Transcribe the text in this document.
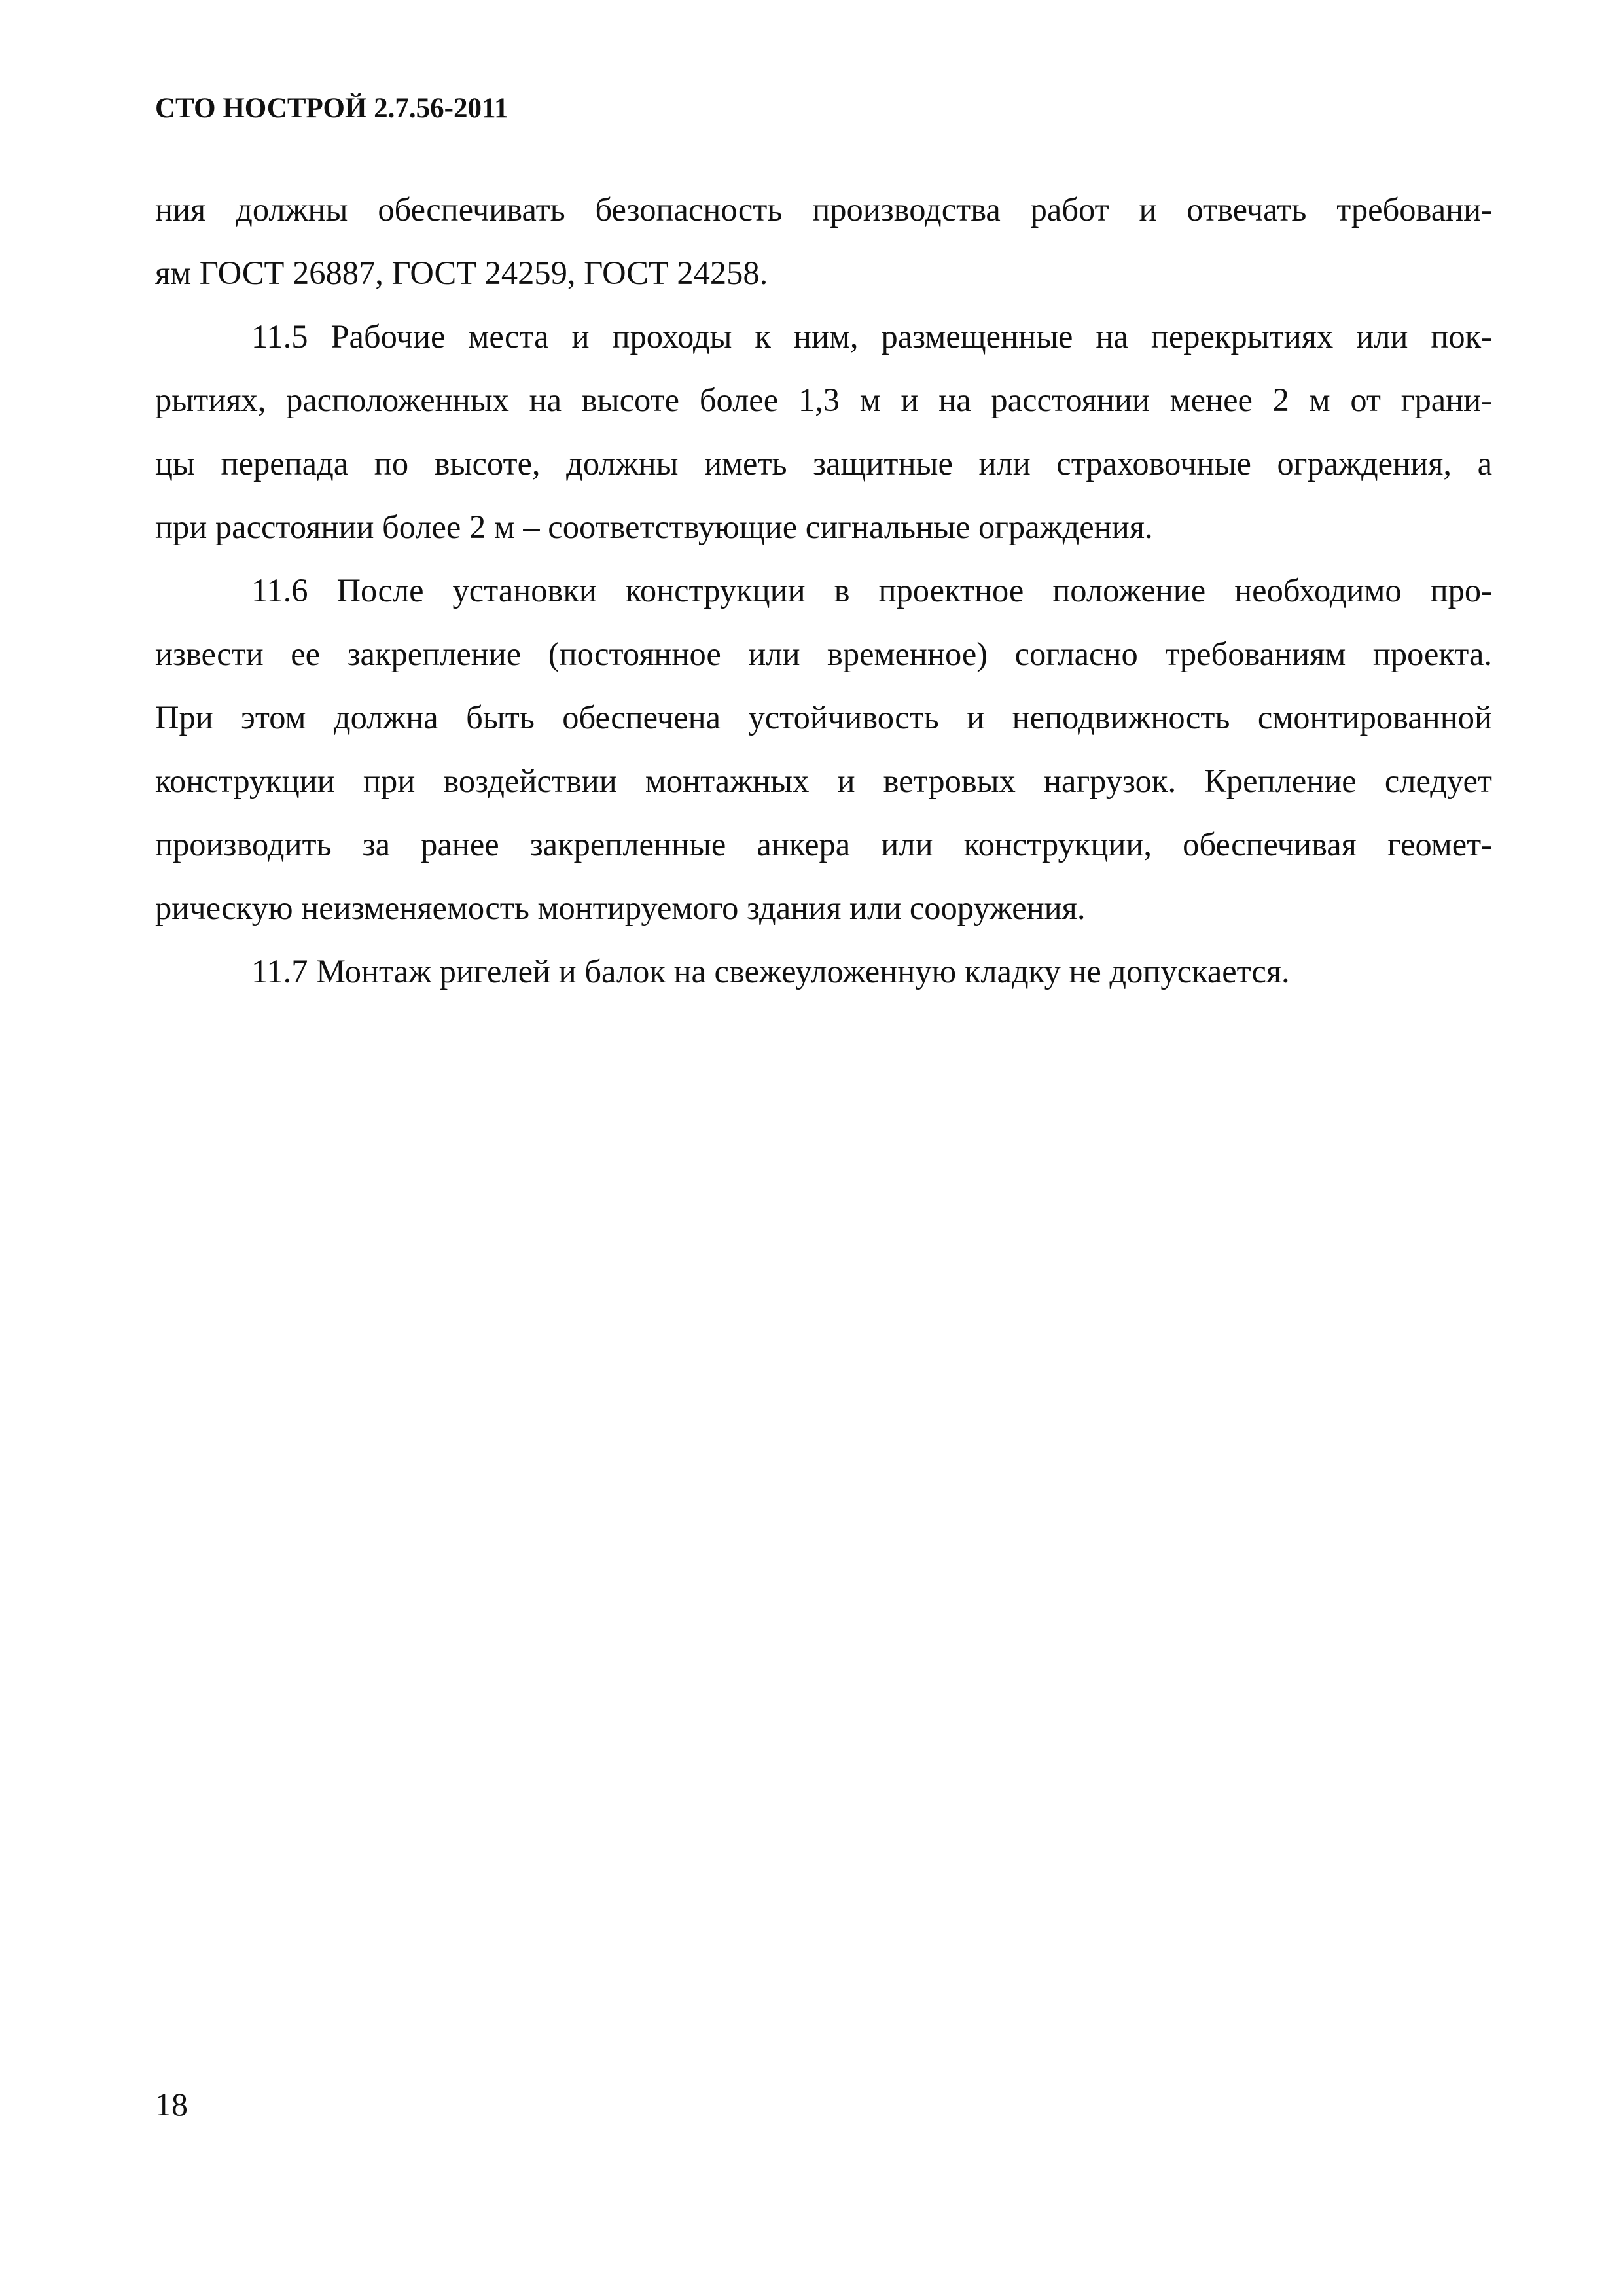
СТО НОСТРОЙ 2.7.56-2011
ния должны обеспечивать безопасность производства работ и отвечать требовани-
ям ГОСТ 26887, ГОСТ 24259, ГОСТ 24258.
11.5 Рабочие места и проходы к ним, размещенные на перекрытиях или пок-
рытиях, расположенных на высоте более 1,3 м и на расстоянии менее 2 м от грани-
цы перепада по высоте, должны иметь защитные или страховочные ограждения, а
при расстоянии более 2 м – соответствующие сигнальные ограждения.
11.6 После установки конструкции в проектное положение необходимо про-
извести ее закрепление (постоянное или временное) согласно требованиям проекта.
При этом должна быть обеспечена устойчивость и неподвижность смонтированной
конструкции при воздействии монтажных и ветровых нагрузок. Крепление следует
производить за ранее закрепленные анкера или конструкции, обеспечивая геомет-
рическую неизменяемость монтируемого здания или сооружения.
11.7 Монтаж ригелей и балок на свежеуложенную кладку не допускается.
18
